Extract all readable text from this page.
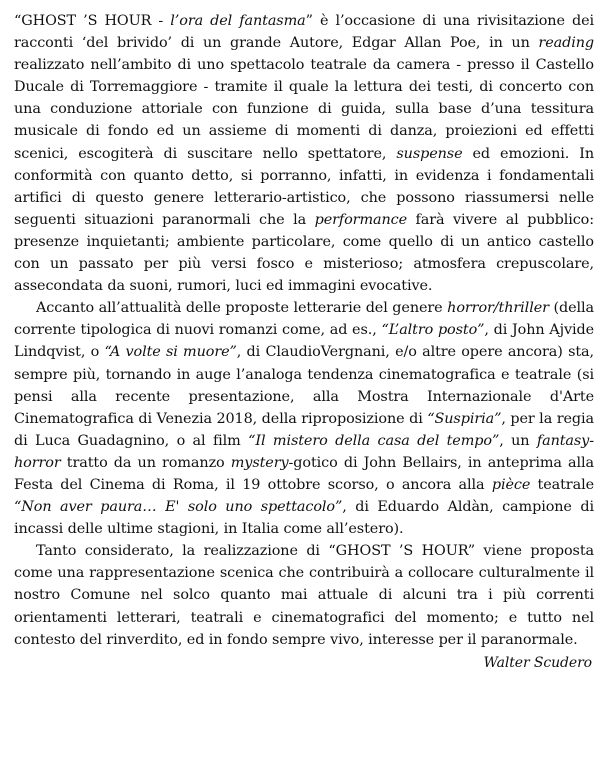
“GHOST ’S HOUR - l’ora del fantasma” è l’occasione di una rivisitazione dei racconti ‘del brivido’ di un grande Autore, Edgar Allan Poe, in un reading realizzato nell’ambito di uno spettacolo teatrale da camera - presso il Castello Ducale di Torremaggiore - tramite il quale la lettura dei testi, di concerto con una conduzione attoriale con funzione di guida, sulla base d’una tessitura musicale di fondo ed un assieme di momenti di danza, proiezioni ed effetti scenici, escogiterà di suscitare nello spettatore, suspense ed emozioni. In conformità con quanto detto, si porranno, infatti, in evidenza i fondamentali artifici di questo genere letterario-artistico, che possono riassumersi nelle seguenti situazioni paranormali che la performance farà vivere al pubblico: presenze inquietanti; ambiente particolare, come quello di un antico castello con un passato per più versi fosco e misterioso; atmosfera crepuscolare, assecondata da suoni, rumori, luci ed immagini evocative.

Accanto all’attualità delle proposte letterarie del genere horror/thriller (della corrente tipologica di nuovi romanzi come, ad es., “L’altro posto”, di John Ajvide Lindqvist, o “A volte si muore”, di ClaudioVergnani, e/o altre opere ancora) sta, sempre più, tornando in auge l’analoga tendenza cinematografica e teatrale (si pensi alla recente presentazione, alla Mostra Internazionale d'Arte Cinematografica di Venezia 2018, della riproposizione di “Suspiria”, per la regia di Luca Guadagnino, o al film “Il mistero della casa del tempo”, un fantasy-horror tratto da un romanzo mystery-gotico di John Bellairs, in anteprima alla Festa del Cinema di Roma, il 19 ottobre scorso, o ancora alla pièce teatrale “Non aver paura… E' solo uno spettacolo”, di Eduardo Aldàn, campione di incassi delle ultime stagioni, in Italia come all’estero).

Tanto considerato, la realizzazione di “GHOST ’S HOUR” viene proposta come una rappresentazione scenica che contribuirà a collocare culturalmente il nostro Comune nel solco quanto mai attuale di alcuni tra i più correnti orientamenti letterari, teatrali e cinematografici del momento; e tutto nel contesto del rinverdito, ed in fondo sempre vivo, interesse per il paranormale.

Walter Scudero
